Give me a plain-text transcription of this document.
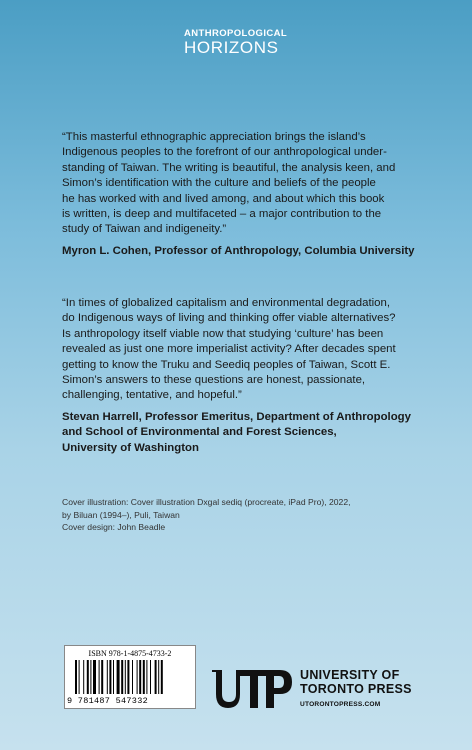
ANTHROPOLOGICAL
HORIZONS
“This masterful ethnographic appreciation brings the island’s
Indigenous peoples to the forefront of our anthropological under-
standing of Taiwan. The writing is beautiful, the analysis keen, and
Simon’s identification with the culture and beliefs of the people
he has worked with and lived among, and about which this book
is written, is deep and multifaceted – a major contribution to the
study of Taiwan and indigeneity.”
Myron L. Cohen, Professor of Anthropology, Columbia University
“In times of globalized capitalism and environmental degradation,
do Indigenous ways of living and thinking offer viable alternatives?
Is anthropology itself viable now that studying ‘culture’ has been
revealed as just one more imperialist activity? After decades spent
getting to know the Truku and Seediq peoples of Taiwan, Scott E.
Simon’s answers to these questions are honest, passionate,
challenging, tentative, and hopeful.”
Stevan Harrell, Professor Emeritus, Department of Anthropology
and School of Environmental and Forest Sciences,
University of Washington
Cover illustration: Cover illustration Dxgal sediq (procreate, iPad Pro), 2022,
by Biluan (1994–), Puli, Taiwan
Cover design: John Beadle
ISBN 978-1-4875-4733-2
9 781487 547332
UNIVERSITY OF
TORONTO PRESS
UTORONTOPRESS.COM
